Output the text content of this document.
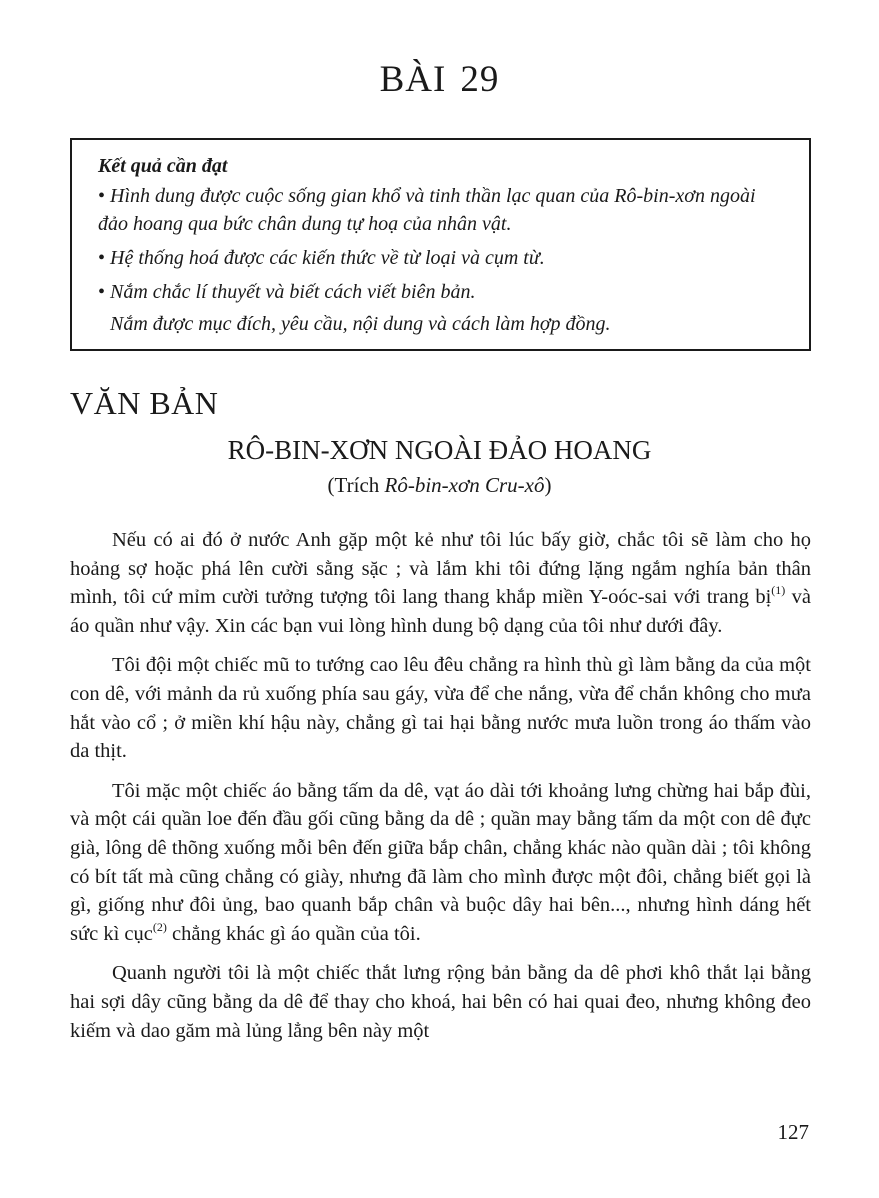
BÀI 29
Kết quả cần đạt
• Hình dung được cuộc sống gian khổ và tinh thần lạc quan của Rô-bin-xơn ngoài đảo hoang qua bức chân dung tự hoạ của nhân vật.
• Hệ thống hoá được các kiến thức về từ loại và cụm từ.
• Nắm chắc lí thuyết và biết cách viết biên bản.
Nắm được mục đích, yêu cầu, nội dung và cách làm hợp đồng.
VĂN BẢN
RÔ-BIN-XƠN NGOÀI ĐẢO HOANG
(Trích Rô-bin-xơn Cru-xô)

Nếu có ai đó ở nước Anh gặp một kẻ như tôi lúc bấy giờ, chắc tôi sẽ làm cho họ hoảng sợ hoặc phá lên cười sằng sặc ; và lắm khi tôi đứng lặng ngắm nghía bản thân mình, tôi cứ mỉm cười tưởng tượng tôi lang thang khắp miền Y-oóc-sai với trang bị$^{(1)}$ và áo quần như vậy. Xin các bạn vui lòng hình dung bộ dạng của tôi như dưới đây.

Tôi đội một chiếc mũ to tướng cao lêu đêu chẳng ra hình thù gì làm bằng da của một con dê, với mảnh da rủ xuống phía sau gáy, vừa để che nắng, vừa để chắn không cho mưa hắt vào cổ ; ở miền khí hậu này, chẳng gì tai hại bằng nước mưa luồn trong áo thấm vào da thịt.

Tôi mặc một chiếc áo bằng tấm da dê, vạt áo dài tới khoảng lưng chừng hai bắp đùi, và một cái quần loe đến đầu gối cũng bằng da dê ; quần may bằng tấm da một con dê đực già, lông dê thõng xuống mỗi bên đến giữa bắp chân, chẳng khác nào quần dài ; tôi không có bít tất mà cũng chẳng có giày, nhưng đã làm cho mình được một đôi, chẳng biết gọi là gì, giống như đôi ủng, bao quanh bắp chân và buộc dây hai bên..., nhưng hình dáng hết sức kì cục$^{(2)}$ chẳng khác gì áo quần của tôi.

Quanh người tôi là một chiếc thắt lưng rộng bản bằng da dê phơi khô thắt lại bằng hai sợi dây cũng bằng da dê để thay cho khoá, hai bên có hai quai đeo, nhưng không đeo kiếm và dao găm mà lủng lẳng bên này một

127
